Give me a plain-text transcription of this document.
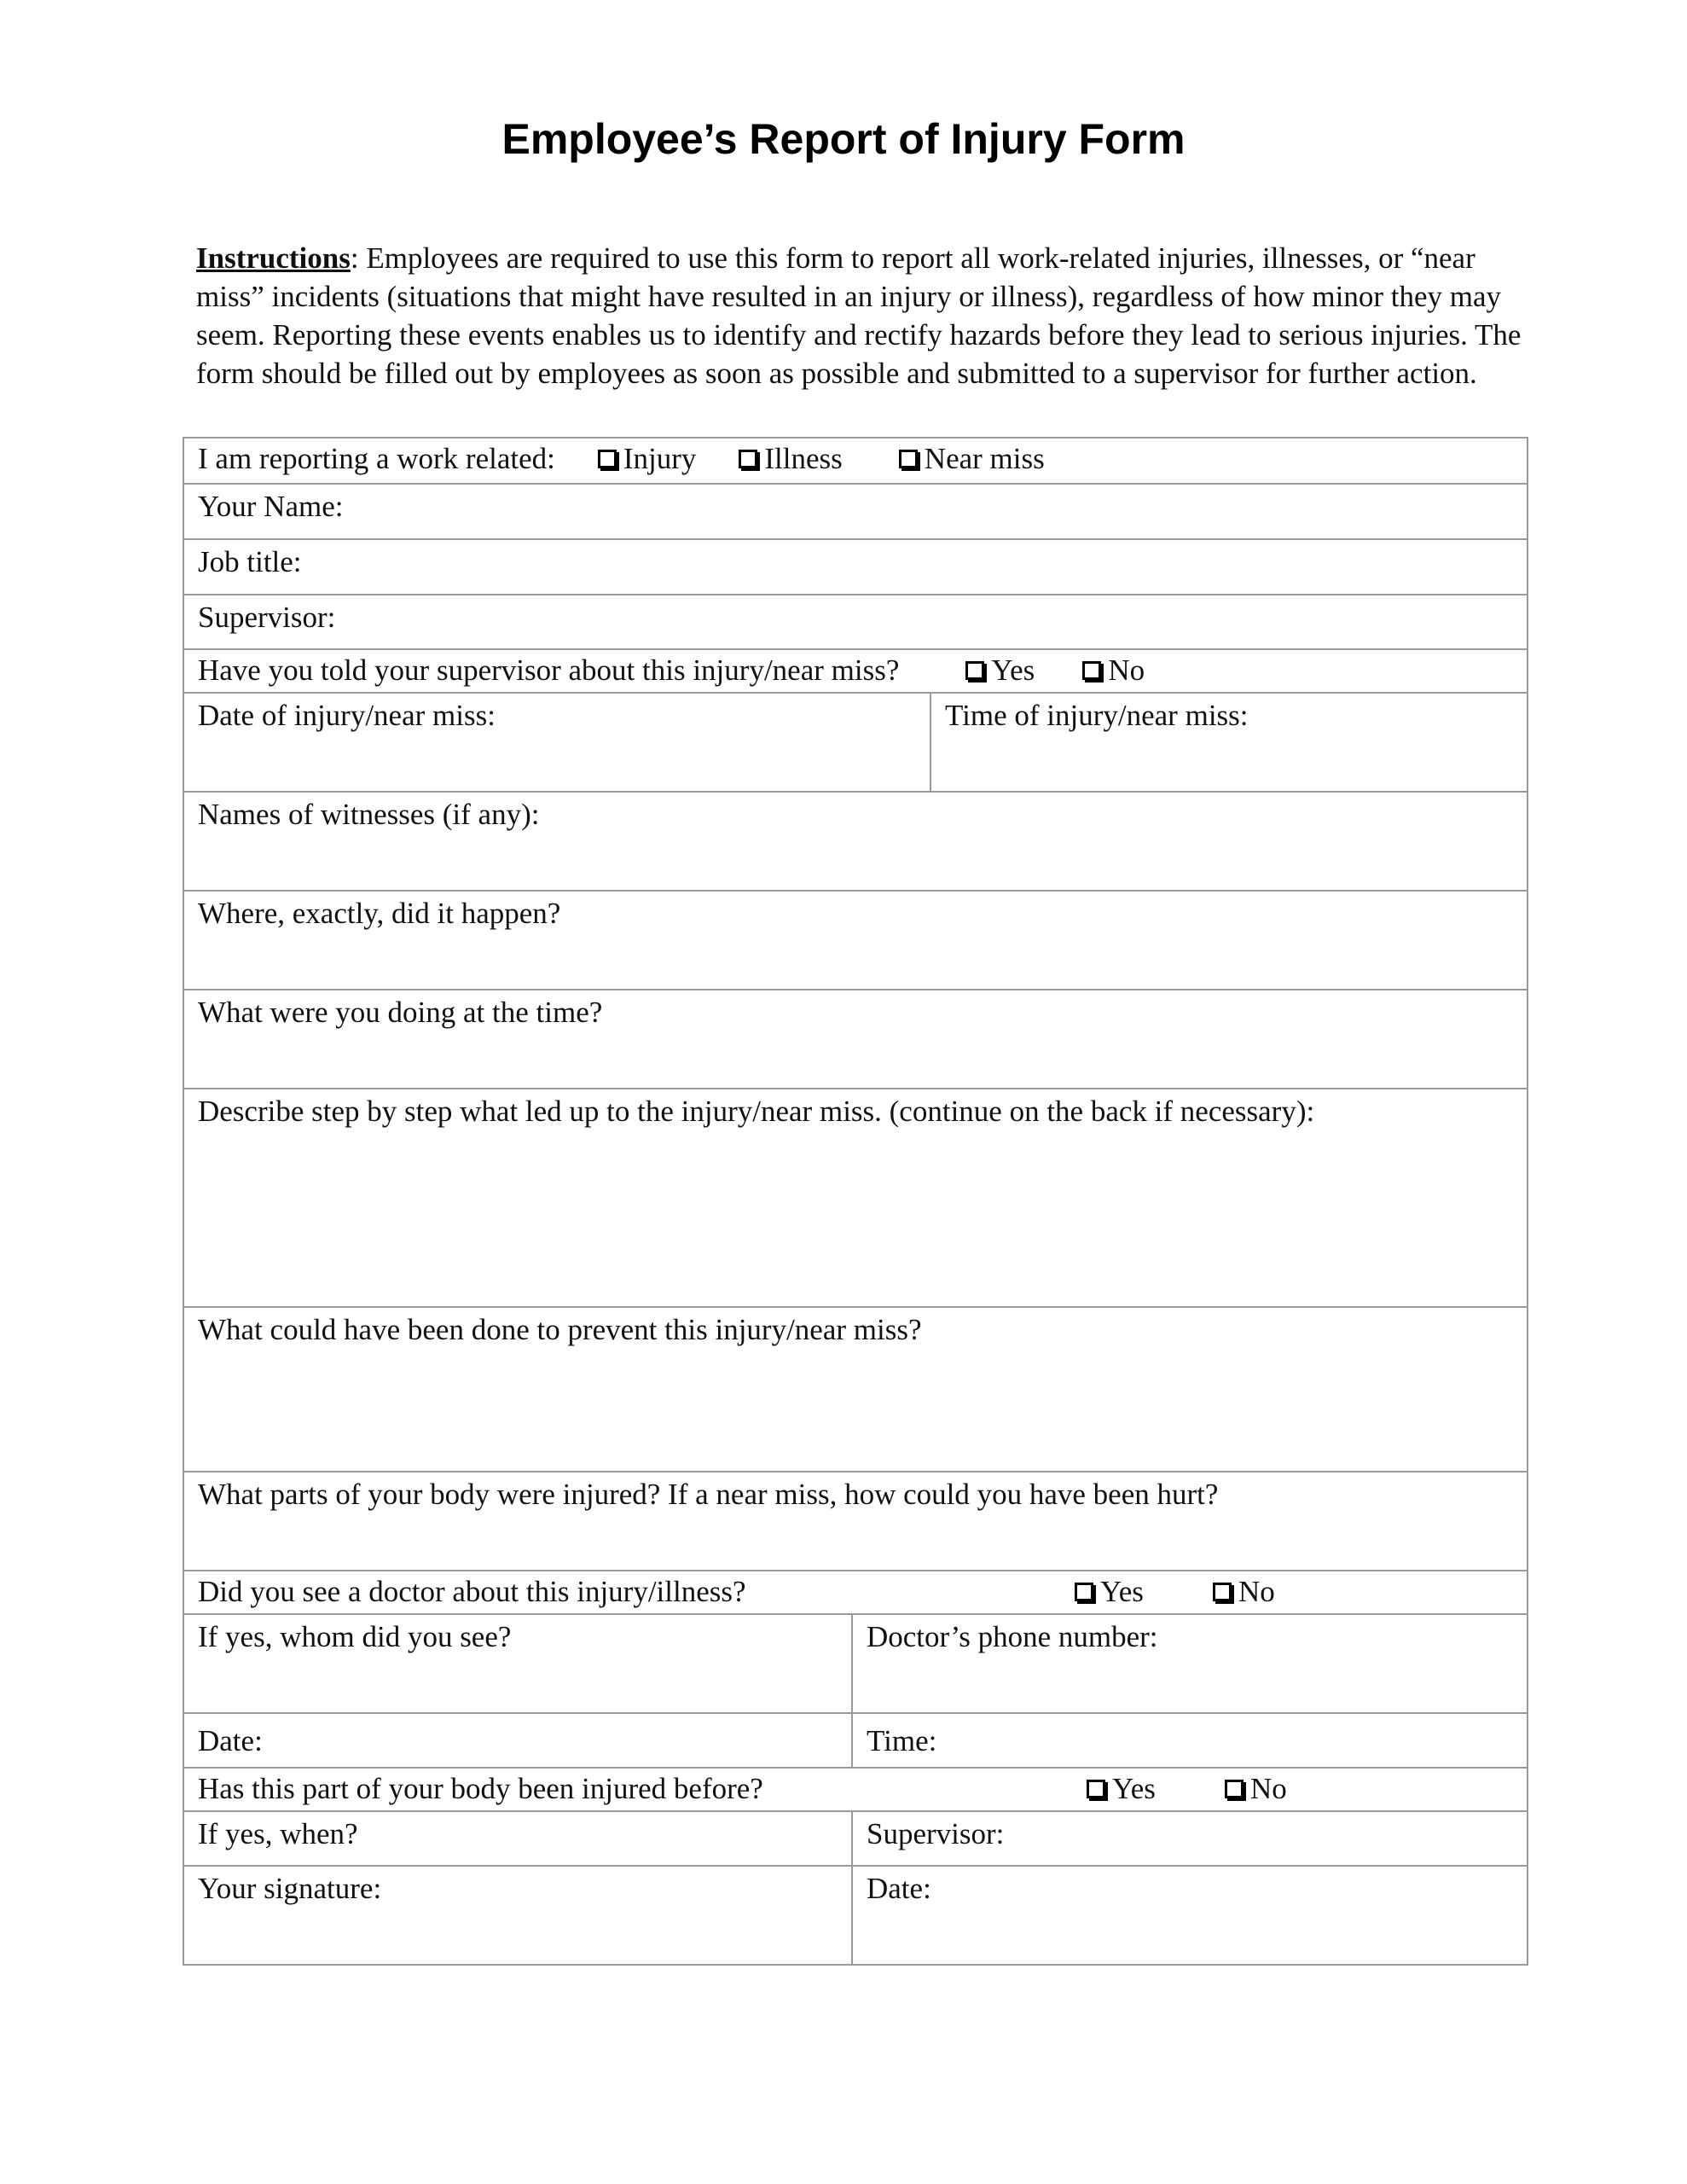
Employee’s Report of Injury Form
Instructions: Employees are required to use this form to report all work-related injuries, illnesses, or “near miss” incidents (situations that might have resulted in an injury or illness), regardless of how minor they may seem. Reporting these events enables us to identify and rectify hazards before they lead to serious injuries. The form should be filled out by employees as soon as possible and submitted to a supervisor for further action.
I am reporting a work related: Injury Illness	Near miss
Your Name:
Job title:
Supervisor:
Have you told your supervisor about this injury/near miss?	Yes No
Date of injury/near miss:	Time of injury/near miss:
Names of witnesses (if any):
Where, exactly, did it happen?
What were you doing at the time?
Describe step by step what led up to the injury/near miss. (continue on the back if necessary):
What could have been done to prevent this injury/near miss?
What parts of your body were injured? If a near miss, how could you have been hurt?
Did you see a doctor about this injury/illness?	Yes	No
If yes, whom did you see?	Doctor’s phone number:
Date:	Time:
Has this part of your body been injured before?	Yes	No
If yes, when?	Supervisor:
Your signature:	Date:
